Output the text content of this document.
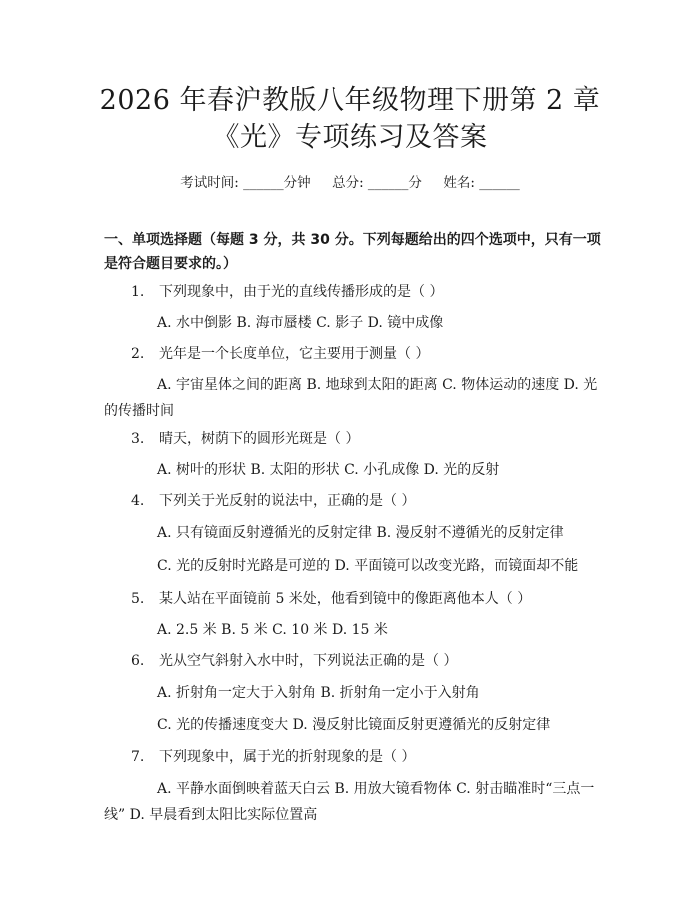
2026 年春沪教版八年级物理下册第 2 章
《光》专项练习及答案
考试时间: ______分钟     总分: ______分     姓名: ______
一、单项选择题（每题 3 分，共 30 分。下列每题给出的四个选项中，只有一项是符合题目要求的。）
1. 下列现象中，由于光的直线传播形成的是（ ）
A. 水中倒影 B. 海市蜃楼 C. 影子 D. 镜中成像
2. 光年是一个长度单位，它主要用于测量（ ）
A. 宇宙星体之间的距离 B. 地球到太阳的距离 C. 物体运动的速度 D. 光的传播时间
3. 晴天，树荫下的圆形光斑是（ ）
A. 树叶的形状 B. 太阳的形状 C. 小孔成像 D. 光的反射
4. 下列关于光反射的说法中，正确的是（ ）
A. 只有镜面反射遵循光的反射定律 B. 漫反射不遵循光的反射定律
C. 光的反射时光路是可逆的 D. 平面镜可以改变光路，而镜面却不能
5. 某人站在平面镜前 5 米处，他看到镜中的像距离他本人（ ）
A. 2.5 米 B. 5 米 C. 10 米 D. 15 米
6. 光从空气斜射入水中时，下列说法正确的是（ ）
A. 折射角一定大于入射角 B. 折射角一定小于入射角
C. 光的传播速度变大 D. 漫反射比镜面反射更遵循光的反射定律
7. 下列现象中，属于光的折射现象的是（ ）
A. 平静水面倒映着蓝天白云 B. 用放大镜看物体 C. 射击瞄准时“三点一线” D. 早晨看到太阳比实际位置高
